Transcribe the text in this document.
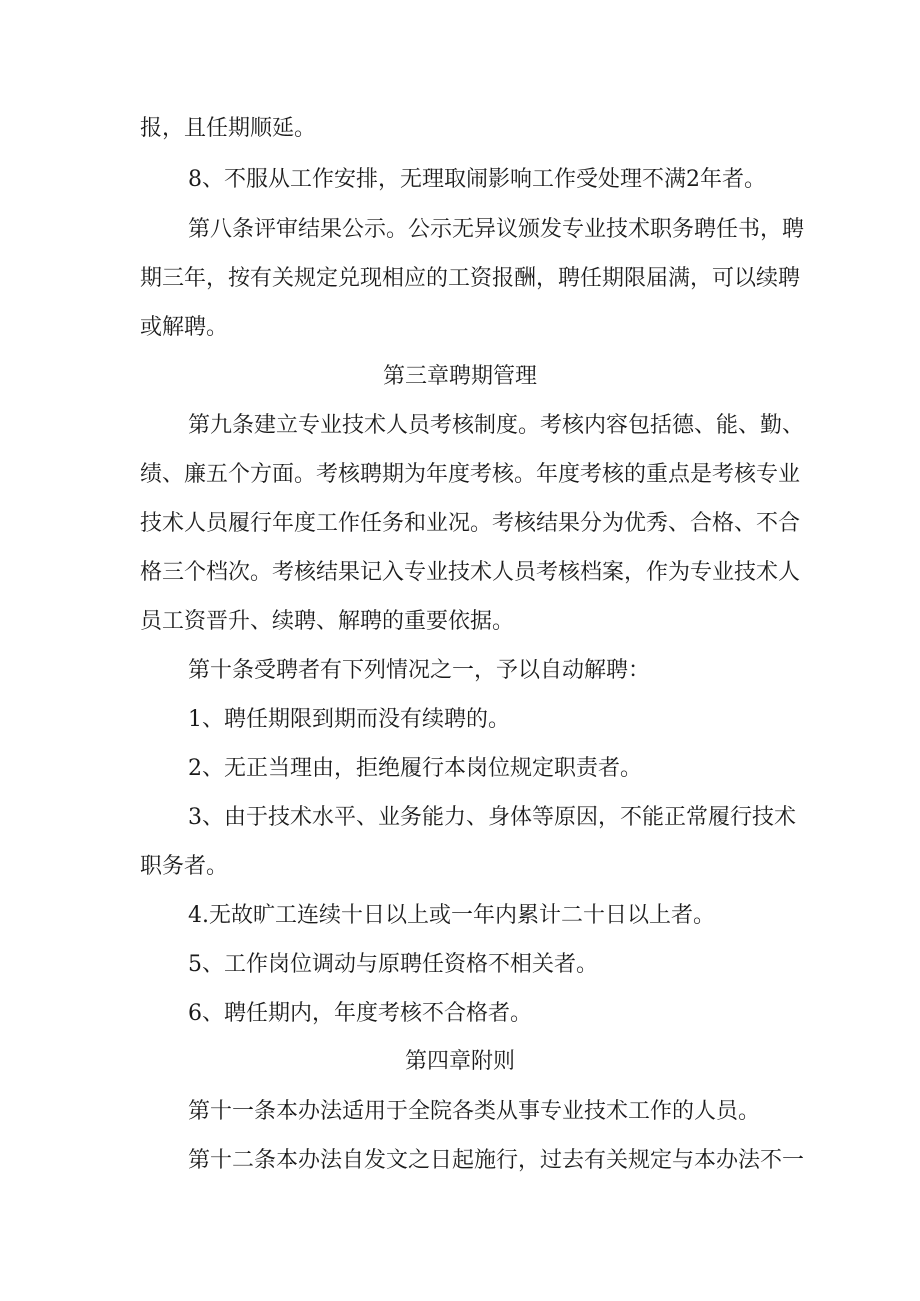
报，且任期顺延。
8、不服从工作安排，无理取闹影响工作受处理不满2年者。
第八条评审结果公示。公示无异议颁发专业技术职务聘任书，聘
期三年，按有关规定兑现相应的工资报酬，聘任期限届满，可以续聘
或解聘。
第三章聘期管理
第九条建立专业技术人员考核制度。考核内容包括德、能、勤、
绩、廉五个方面。考核聘期为年度考核。年度考核的重点是考核专业
技术人员履行年度工作任务和业况。考核结果分为优秀、合格、不合
格三个档次。考核结果记入专业技术人员考核档案，作为专业技术人
员工资晋升、续聘、解聘的重要依据。
第十条受聘者有下列情况之一，予以自动解聘：
1、聘任期限到期而没有续聘的。
2、无正当理由，拒绝履行本岗位规定职责者。
3、由于技术水平、业务能力、身体等原因，不能正常履行技术
职务者。
4.无故旷工连续十日以上或一年内累计二十日以上者。
5、工作岗位调动与原聘任资格不相关者。
6、聘任期内，年度考核不合格者。
第四章附则
第十一条本办法适用于全院各类从事专业技术工作的人员。
第十二条本办法自发文之日起施行，过去有关规定与本办法不一
